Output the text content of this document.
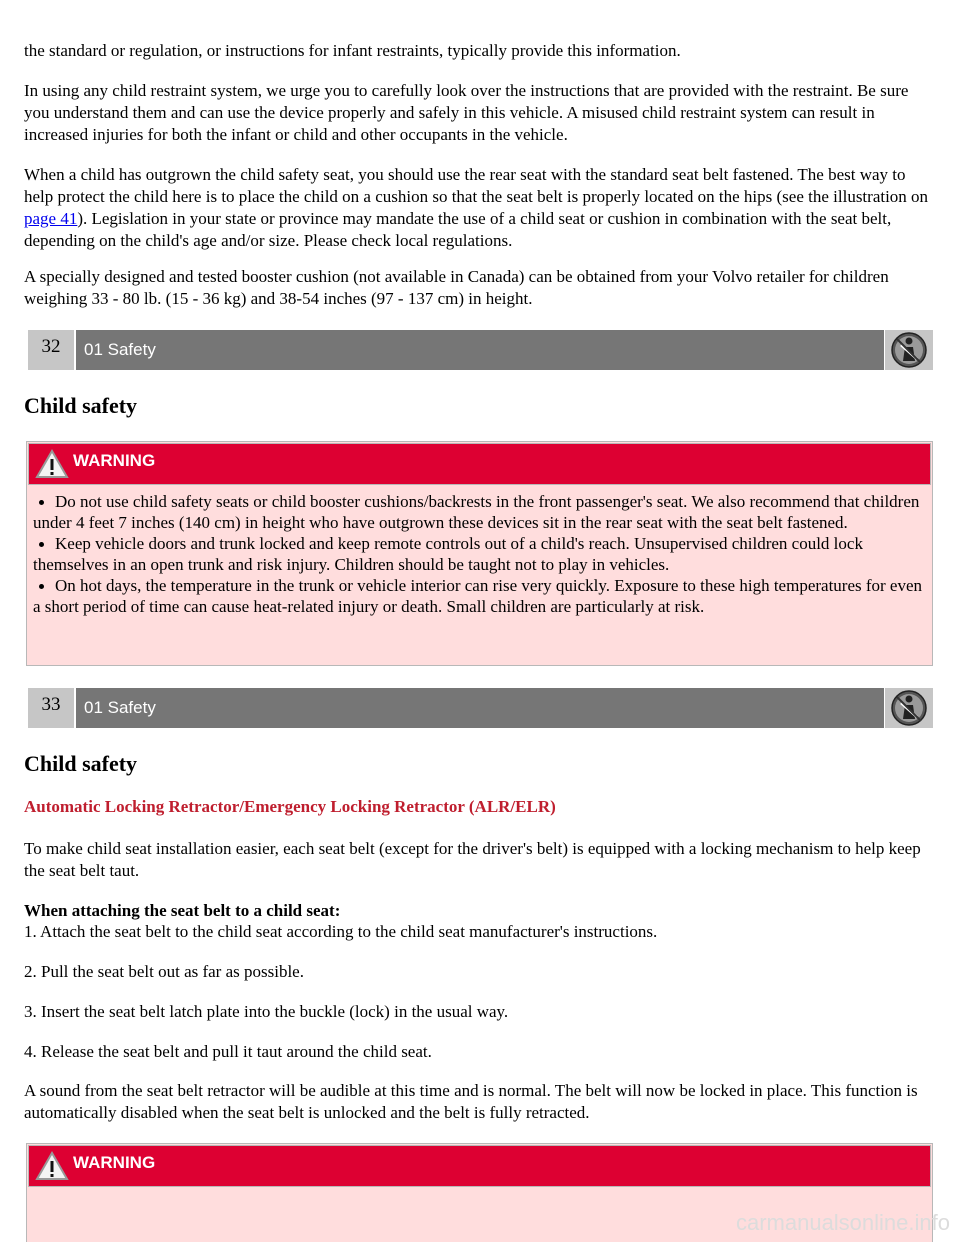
the standard or regulation, or instructions for infant restraints, typically provide this information.

In using any child restraint system, we urge you to carefully look over the instructions that are provided with the restraint. Be sure you understand them and can use the device properly and safely in this vehicle. A misused child restraint system can result in increased injuries for both the infant or child and other occupants in the vehicle.

When a child has outgrown the child safety seat, you should use the rear seat with the standard seat belt fastened. The best way to help protect the child here is to place the child on a cushion so that the seat belt is properly located on the hips (see the illustration on page 41). Legislation in your state or province may mandate the use of a child seat or cushion in combination with the seat belt, depending on the child's age and/or size. Please check local regulations.

A specially designed and tested booster cushion (not available in Canada) can be obtained from your Volvo retailer for children weighing 33 - 80 lb. (15 - 36 kg) and 38-54 inches (97 - 137 cm) in height.

32	01 Safety
Child safety
WARNING
Do not use child safety seats or child booster cushions/backrests in the front passenger's seat. We also recommend that children under 4 feet 7 inches (140 cm) in height who have outgrown these devices sit in the rear seat with the seat belt fastened.
Keep vehicle doors and trunk locked and keep remote controls out of a child's reach. Unsupervised children could lock themselves in an open trunk and risk injury. Children should be taught not to play in vehicles.
On hot days, the temperature in the trunk or vehicle interior can rise very quickly. Exposure to these high temperatures for even a short period of time can cause heat-related injury or death. Small children are particularly at risk.
33	01 Safety
Child safety

Automatic Locking Retractor/Emergency Locking Retractor (ALR/ELR)

To make child seat installation easier, each seat belt (except for the driver's belt) is equipped with a locking mechanism to help keep the seat belt taut.

When attaching the seat belt to a child seat:

1. Attach the seat belt to the child seat according to the child seat manufacturer's instructions.

2. Pull the seat belt out as far as possible.

3. Insert the seat belt latch plate into the buckle (lock) in the usual way.

4. Release the seat belt and pull it taut around the child seat.

A sound from the seat belt retractor will be audible at this time and is normal. The belt will now be locked in place. This function is automatically disabled when the seat belt is unlocked and the belt is fully retracted.

WARNING
carmanualsonline.info
